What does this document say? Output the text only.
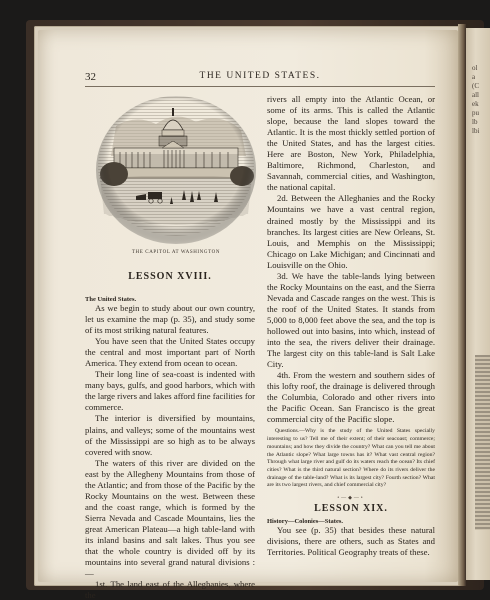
ol
a
(C
all
ek
pu
lb
lbi
32	THE UNITED STATES.
THE CAPITOL AT WASHINGTON

LESSON XVIII.

The United States.

As we begin to study about our own country, let us examine the map (p. 35), and study some of its most striking natural features.

You have seen that the United States occupy the central and most important part of North America. They extend from ocean to ocean.

Their long line of sea-coast is indented with many bays, gulfs, and good harbors, which with the large rivers and lakes afford fine facilities for commerce.

The interior is diversified by mountains, plains, and valleys; some of the mountains west of the Mississippi are so high as to be always covered with snow.

The waters of this river are divided on the east by the Allegheny Mountains from those of the Atlantic; and from those of the Pacific by the Rocky Mountains on the west. Between these and the coast range, which is formed by the Sierra Nevada and Cascade Mountains, lies the great American Plateau—a high table-land with its inland basins and salt lakes. Thus you see that the whole country is divided off by its mountains into several grand natural divisions :—

1st. The land east of the Alleghanies, where the

rivers all empty into the Atlantic Ocean, or some of its arms. This is called the Atlantic slope, because the land slopes toward the Atlantic. It is the most thickly settled portion of the United States, and has the largest cities. Here are Boston, New York, Philadelphia, Baltimore, Richmond, Charleston, and Savannah, commercial cities, and Washington, the national capital.

2d. Between the Alleghanies and the Rocky Mountains we have a vast central region, drained mostly by the Mississippi and its branches. Its largest cities are New Orleans, St. Louis, and Memphis on the Mississippi; Chicago on Lake Michigan; and Cincinnati and Louisville on the Ohio.

3d. We have the table-lands lying between the Rocky Mountains on the east, and the Sierra Nevada and Cascade ranges on the west. This is the roof of the United States. It stands from 5,000 to 8,000 feet above the sea, and the top is hollowed out into basins, into which, instead of into the sea, the rivers deliver their drainage. The largest city on this table-land is Salt Lake City.

4th. From the western and southern sides of this lofty roof, the drainage is delivered through the Columbia, Colorado and other rivers into the Pacific Ocean. San Francisco is the great commercial city of the Pacific slope.

Questions.—Why is the study of the United States specially interesting to us? Tell me of their extent; of their seacoast; commerce; mountains; and how they divide the country? What can you tell me about the Atlantic slope? What large towns has it? What vast central region? Through what large river and gulf do its waters reach the ocean? Its chief cities? What is the third natural section? Where do its rivers deliver the drainage of the table-land? What is its largest city? Fourth section? What are its two largest rivers, and chief commercial city?

•—◆—•

LESSON XIX.

History—Colonies—States.

You see (p. 35) that besides these natural divisions, there are others, such as States and Territories. Political Geography treats of these.
